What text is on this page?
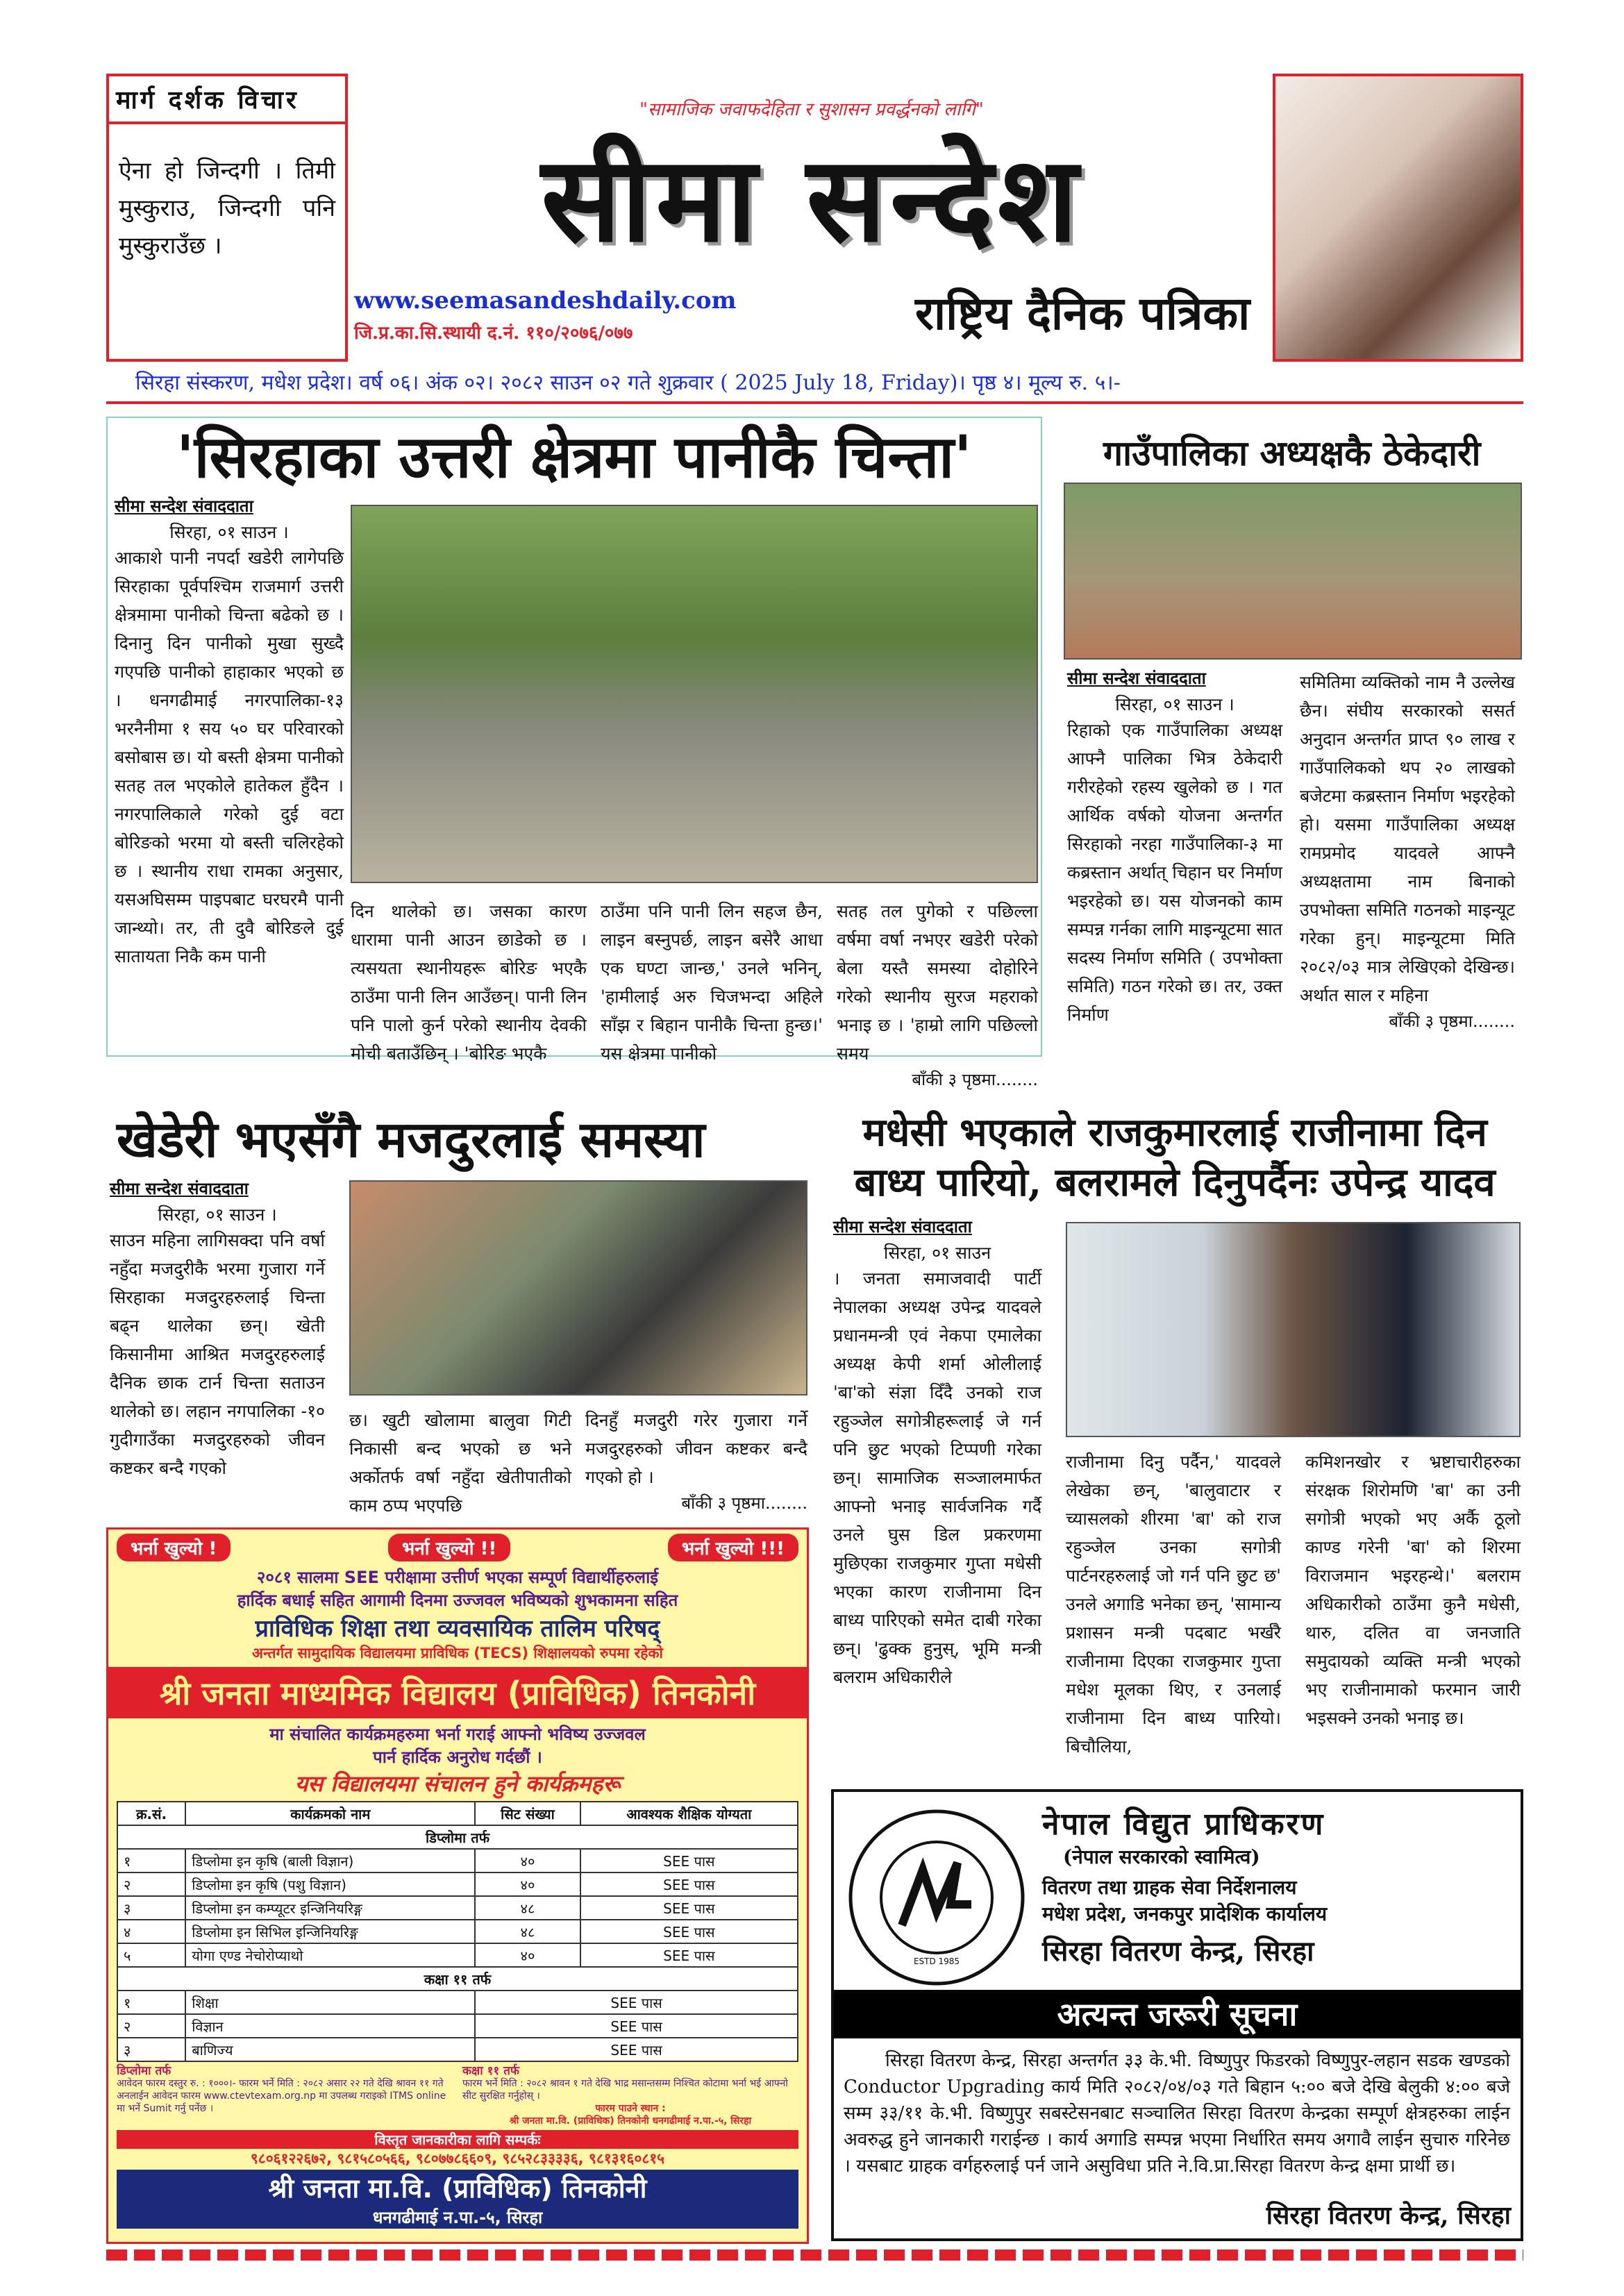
मार्ग दर्शक विचार
ऐना हो जिन्दगी । तिमी मुस्कुराउ, जिन्दगी पनि मुस्कुराउँछ ।
"सामाजिक जवाफदेहिता र सुशासन प्रवर्द्धनको लागि"
सीमा सन्देश
www.seemasandeshdaily.com
जि.प्र.का.सि.स्थायी द.नं. ११०/२०७६/०७७	राष्ट्रिय दैनिक पत्रिका
सिरहा संस्करण, मधेश प्रदेश। वर्ष ०६। अंक ०२। २०८२ साउन ०२ गते शुक्रवार ( 2025 July 18, Friday)। पृष्ठ ४। मूल्य रु. ५।-
'सिरहाका उत्तरी क्षेत्रमा पानीकै चिन्ता'
सीमा सन्देश संवाददाता
सिरहा, ०१ साउन ।
आकाशे पानी नपर्दा खडेरी लागेपछि सिरहाका पूर्वपश्चिम राजमार्ग उत्तरी क्षेत्रमामा पानीको चिन्ता बढेको छ । दिनानु दिन पानीको मुखा सुख्दै गएपछि पानीको हाहाकार भएको छ । धनगढीमाई नगरपालिका-१३ भरनैनीमा १ सय ५० घर परिवारको बसोबास छ। यो बस्ती क्षेत्रमा पानीको सतह तल भएकोले हातेकल हुँदैन । नगरपालिकाले गरेको दुई वटा बोरिङको भरमा यो बस्ती चलिरहेको छ । स्थानीय राधा रामका अनुसार, यसअघिसम्म पाइपबाट घरघरमै पानी जान्थ्यो। तर, ती दुवै बोरिङले दुई सातायता निकै कम पानी
दिन थालेको छ। जसका कारण धारामा पानी आउन छाडेको छ । त्यसयता स्थानीयहरू बोरिङ भएकै ठाउँमा पानी लिन आउँछन्। पानी लिन पनि पालो कुर्न परेको स्थानीय देवकी मोची बताउँछिन् । 'बोरिङ भएकै
ठाउँमा पनि पानी लिन सहज छैन, लाइन बस्नुपर्छ, लाइन बसेरै आधा एक घण्टा जान्छ,' उनले भनिन्, 'हामीलाई अरु चिजभन्दा अहिले साँझ र बिहान पानीकै चिन्ता हुन्छ।' यस क्षेत्रमा पानीको
सतह तल पुगेको र पछिल्ला वर्षमा वर्षा नभएर खडेरी परेको बेला यस्तै समस्या दोहोरिने गरेको स्थानीय सुरज महराको भनाइ छ । 'हाम्रो लागि पछिल्लो समय
बाँकी ३ पृष्ठमा........
गाउँपालिका अध्यक्षकै ठेकेदारी
सीमा सन्देश संवाददाता
सिरहा, ०१ साउन ।
रिहाको एक गाउँपालिका अध्यक्ष आफ्नै पालिका भित्र ठेकेदारी गरीरहेको रहस्य खुलेको छ । गत आर्थिक वर्षको योजना अन्तर्गत सिरहाको नरहा गाउँपालिका-३ मा कब्रस्तान अर्थात् चिहान घर निर्माण भइरहेको छ। यस योजनको काम सम्पन्न गर्नका लागि माइन्यूटमा सात सदस्य निर्माण समिति ( उपभोक्ता समिति) गठन गरेको छ। तर, उक्त निर्माण
समितिमा व्यक्तिको नाम नै उल्लेख छैन। संघीय सरकारको ससर्त अनुदान अन्तर्गत प्राप्त ९० लाख र गाउँपालिकको थप २० लाखको बजेटमा कब्रस्तान निर्माण भइरहेको हो। यसमा गाउँपालिका अध्यक्ष रामप्रमोद यादवले आफ्नै अध्यक्षतामा नाम बिनाको उपभोक्ता समिति गठनको माइन्यूट गरेका हुन्। माइन्यूटमा मिति २०८२/०३ मात्र लेखिएको देखिन्छ। अर्थात साल र महिना
बाँकी ३ पृष्ठमा........
खेडेरी भएसँगै मजदुरलाई समस्या
सीमा सन्देश संवाददाता
सिरहा, ०१ साउन ।
साउन महिना लागिसक्दा पनि वर्षा नहुँदा मजदुरीकै भरमा गुजारा गर्ने सिरहाका मजदुरहरुलाई चिन्ता बढ्न थालेका छन्। खेती किसानीमा आश्रित मजदुरहरुलाई दैनिक छाक टार्न चिन्ता सताउन थालेको छ। लहान नगपालिका -१० गुदीगाउँका मजदुरहरुको जीवन कष्टकर बन्दै गएको
छ। खुटी खोलामा बालुवा गिटी निकासी बन्द भएको छ भने अर्कोतर्फ वर्षा नहुँदा खेतीपातीको काम ठप्प भएपछि
दिनहुँ मजदुरी गरेर गुजारा गर्ने मजदुरहरुको जीवन कष्टकर बन्दै गएको हो ।
बाँकी ३ पृष्ठमा........
मधेसी भएकाले राजकुमारलाई राजीनामा दिन
बाध्य पारियो, बलरामले दिनुपर्दैनः उपेन्द्र यादव
सीमा सन्देश संवाददाता
सिरहा, ०१ साउन
। जनता समाजवादी पार्टी नेपालका अध्यक्ष उपेन्द्र यादवले प्रधानमन्त्री एवं नेकपा एमालेका अध्यक्ष केपी शर्मा ओलीलाई 'बा'को संज्ञा दिँदै उनको राज रहुञ्जेल सगोत्रीहरूलाई जे गर्न पनि छुट भएको टिप्पणी गरेका छन्। सामाजिक सञ्जालमार्फत आफ्नो भनाइ सार्वजनिक गर्दै उनले घुस डिल प्रकरणमा मुछिएका राजकुमार गुप्ता मधेसी भएका कारण राजीनामा दिन बाध्य पारिएको समेत दाबी गरेका छन्। 'ढुक्क हुनुस्, भूमि मन्त्री बलराम अधिकारीले
राजीनामा दिनु पर्दैन,' यादवले लेखेका छन्, 'बालुवाटार र च्यासलको शीरमा 'बा' को राज रहुञ्जेल उनका सगोत्री पार्टनरहरुलाई जो गर्न पनि छुट छ' उनले अगाडि भनेका छन्, 'सामान्य प्रशासन मन्त्री पदबाट भर्खरै राजीनामा दिएका राजकुमार गुप्ता मधेश मूलका थिए, र उनलाई राजीनामा दिन बाध्य पारियो। बिचौलिया,
कमिशनखोर र भ्रष्टाचारीहरुका संरक्षक शिरोमणि 'बा' का उनी सगोत्री भएको भए अर्कै ठूलो काण्ड गरेनी 'बा' को शिरमा विराजमान भइरहन्थे।' बलराम अधिकारीको ठाउँमा कुनै मधेसी, थारु, दलित वा जनजाति समुदायको व्यक्ति मन्त्री भएको भए राजीनामाको फरमान जारी भइसक्ने उनको भनाइ छ।
भर्ना खुल्यो !	भर्ना खुल्यो !!	भर्ना खुल्यो !!!
२०८१ सालमा SEE परीक्षामा उत्तीर्ण भएका सम्पूर्ण विद्यार्थीहरुलाई
हार्दिक बधाई सहित आगामी दिनमा उज्जवल भविष्यको शुभकामना सहित
प्राविधिक शिक्षा तथा व्यवसायिक तालिम परिषद्
अन्तर्गत सामुदायिक विद्यालयमा प्राविधिक (TECS) शिक्षालयको रुपमा रहेको
श्री जनता माध्यमिक विद्यालय (प्राविधिक) तिनकोनी
मा संचालित कार्यक्रमहरुमा भर्ना गराई आफ्नो भविष्य उज्जवल
पार्न हार्दिक अनुरोध गर्दछौं ।
यस विद्यालयमा संचालन हुने कार्यक्रमहरू
क्र.सं.	कार्यक्रमको नाम	सिट संख्या	आवश्यक शैक्षिक योग्यता
डिप्लोमा तर्फ			
१	डिप्लोमा इन कृषि (बाली विज्ञान)	४०	SEE पास
२	डिप्लोमा इन कृषि (पशु विज्ञान)	४०	SEE पास
३	डिप्लोमा इन कम्प्यूटर इन्जिनियरिङ्ग	४८	SEE पास
४	डिप्लोमा इन सिभिल इन्जिनियरिङ्ग	४८	SEE पास
५	योगा एण्ड नेचोरोप्याथो	४०	SEE पास
कक्षा ११ तर्फ			
१	शिक्षा	SEE पास	
२	विज्ञान	SEE पास	
३	बाणिज्य	SEE पास	
डिप्लोमा तर्फ
आवेदन फारम दस्तुर रु. : १०००।- फारम भर्ने मिति : २०८२ असार २२ गते देखि श्रावन ११ गते अनलाईन आवेदन फारम www.ctevtexam.org.np मा उपलब्ध गराइको ITMS online मा भर्ने Sumit गर्नु पर्नेछ ।
कक्षा ११ तर्फ
फारम भर्ने मिति : २०८२ श्रावन १ गते देखि भाद्र मसान्तसम्म निश्चित कोटामा भर्ना भई आफ्नो सीट सुरक्षित गर्नुहोस् ।
फारम पाउने स्थान :
श्री जनता मा.वि. (प्राविधिक) तिनकोनी धनगढीमाई न.पा.-५, सिरहा
विस्तृत जानकारीका लागि सम्पर्कः
९८०६१२२६७२, ९८१५८०५६६, ९८०७७८६६०९, ९८५२८३३३३६, ९८१३१६०८१५
श्री जनता मा.वि. (प्राविधिक) तिनकोनी
धनगढीमाई न.पा.-५, सिरहा
ESTD 1985
नेपाल विद्युत प्राधिकरण
(नेपाल सरकारको स्वामित्व)
वितरण तथा ग्राहक सेवा निर्देशनालय
मधेश प्रदेश, जनकपुर प्रादेशिक कार्यालय
सिरहा वितरण केन्द्र, सिरहा
अत्यन्त जरूरी सूचना
सिरहा वितरण केन्द्र, सिरहा अन्तर्गत ३३ के.भी. विष्णुपुर फिडरको विष्णुपुर-लहान सडक खण्डको Conductor Upgrading कार्य मिति २०८२/०४/०३ गते बिहान ५:०० बजे देखि बेलुकी ४:०० बजे सम्म ३३/११ के.भी. विष्णुपुर सबस्टेसनबाट सञ्चालित सिरहा वितरण केन्द्रका सम्पूर्ण क्षेत्रहरुका लाईन अवरुद्ध हुने जानकारी गराईन्छ । कार्य अगाडि सम्पन्न भएमा निर्धारित समय अगावै लाईन सुचारु गरिनेछ । यसबाट ग्राहक वर्गहरुलाई पर्न जाने असुविधा प्रति ने.वि.प्रा.सिरहा वितरण केन्द्र क्षमा प्रार्थी छ।
सिरहा वितरण केन्द्र, सिरहा
